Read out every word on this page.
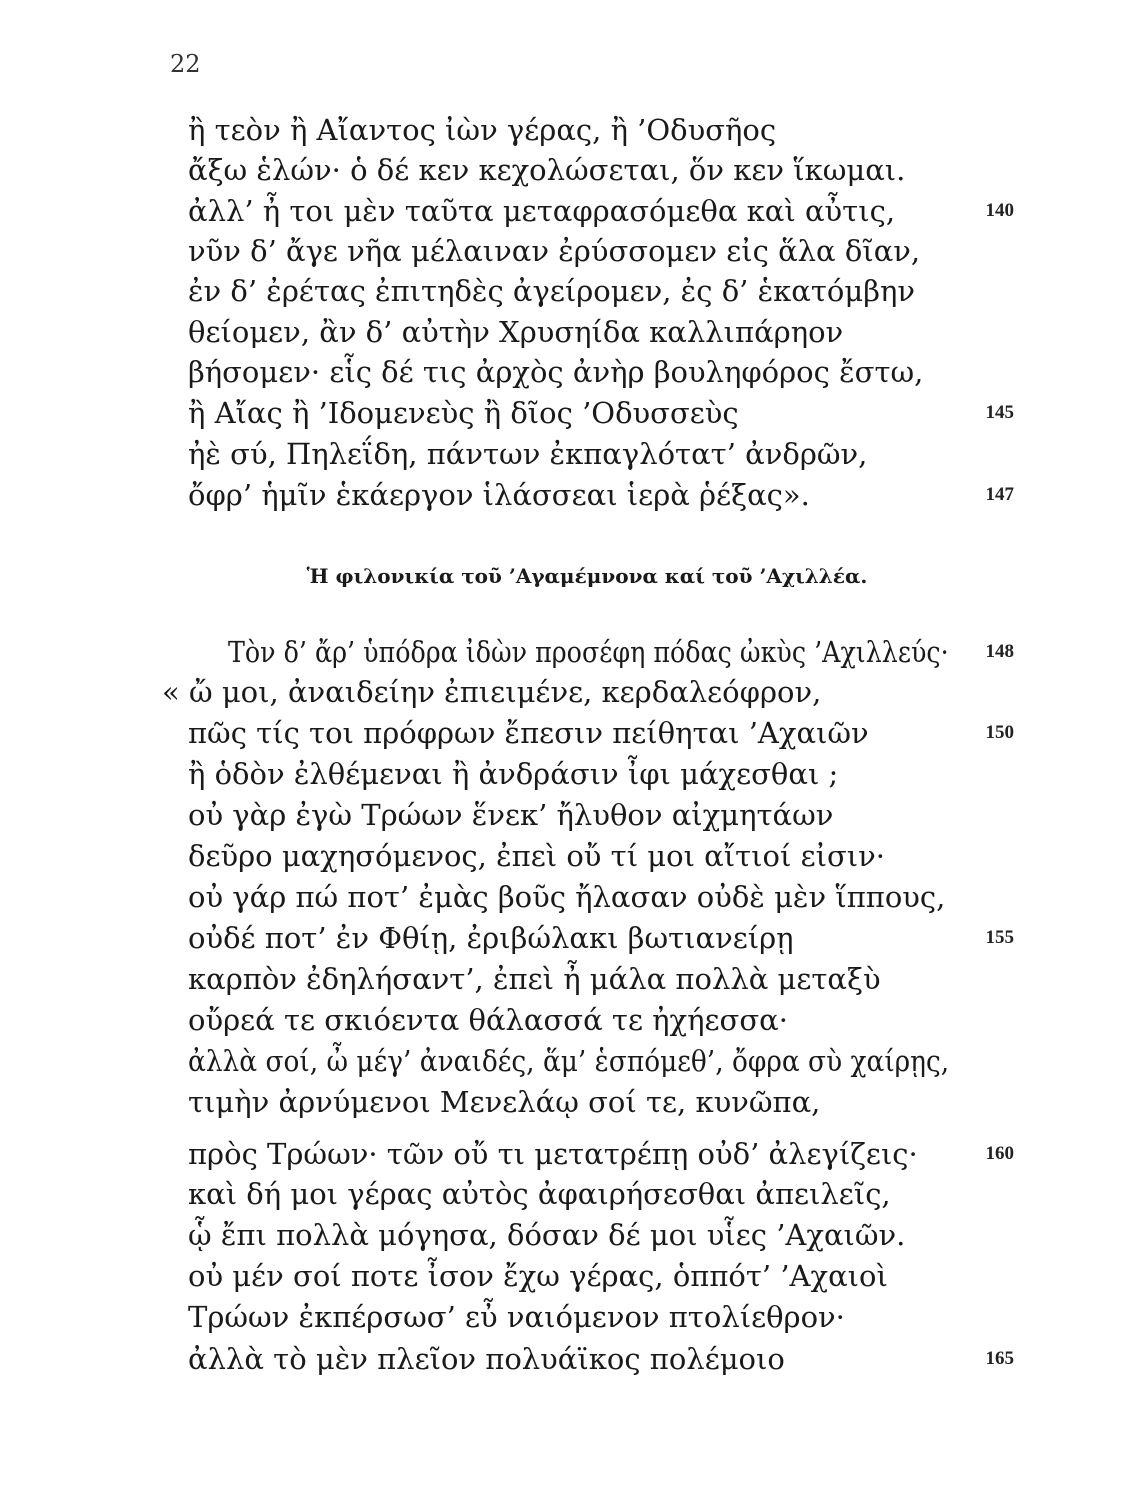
22
ἢ τεὸν ἢ Αἴαντος ἰὼν γέρας, ἢ ’Οδυσῆος
ἄξω ἑλών· ὁ δέ κεν κεχολώσεται, ὅν κεν ἵκωμαι.
ἀλλ’ ἦ τοι μὲν ταῦτα μεταφρασόμεθα καὶ αὖτις,	140
νῦν δ’ ἄγε νῆα μέλαιναν ἐρύσσομεν εἰς ἅλα δῖαν,
ἐν δ’ ἐρέτας ἐπιτηδὲς ἀγείρομεν, ἐς δ’ ἑκατόμβην
θείομεν, ἂν δ’ αὐτὴν Χρυσηίδα καλλιπάρηον
βήσομεν· εἷς δέ τις ἀρχὸς ἀνὴρ βουληφόρος ἔστω,
ἢ Αἴας ἢ ’Ιδομενεὺς ἢ δῖος ’Οδυσσεὺς	145
ἠὲ σύ, Πηλεΐδη, πάντων ἐκπαγλότατ’ ἀνδρῶν,
ὄφρ’ ἡμῖν ἑκάεργον ἱλάσσεαι ἱερὰ ῥέξας».	147
Ἡ φιλονικία τοῦ ’Αγαμέμνονα καί τοῦ ’Αχιλλέα.
Τὸν δ’ ἄρ’ ὑπόδρα ἰδὼν προσέφη πόδας ὠκὺς ’Αχιλλεύς·	148
« ὤ μοι, ἀναιδείην ἐπιειμένε, κερδαλεόφρον,
πῶς τίς τοι πρόφρων ἔπεσιν πείθηται ’Αχαιῶν	150
ἢ ὁδὸν ἐλθέμεναι ἢ ἀνδράσιν ἶφι μάχεσθαι ;
οὐ γὰρ ἐγὼ Τρώων ἕνεκ’ ἤλυθον αἰχμητάων
δεῦρο μαχησόμενος, ἐπεὶ οὔ τί μοι αἴτιοί εἰσιν·
οὐ γάρ πώ ποτ’ ἐμὰς βοῦς ἤλασαν οὐδὲ μὲν ἵππους,
οὐδέ ποτ’ ἐν Φθίῃ, ἐριβώλακι βωτιανείρῃ	155
καρπὸν ἐδηλήσαντ’, ἐπεὶ ἦ μάλα πολλὰ μεταξὺ
οὔρεά τε σκιόεντα θάλασσά τε ἠχήεσσα·
ἀλλὰ σοί, ὦ μέγ’ ἀναιδές, ἅμ’ ἑσπόμεθ’, ὄφρα σὺ χαίρῃς,
τιμὴν ἀρνύμενοι Μενελάῳ σοί τε, κυνῶπα,
πρὸς Τρώων· τῶν οὔ τι μετατρέπῃ οὐδ’ ἀλεγίζεις·	160
καὶ δή μοι γέρας αὐτὸς ἀφαιρήσεσθαι ἀπειλεῖς,
ᾧ ἔπι πολλὰ μόγησα, δόσαν δέ μοι υἷες ’Αχαιῶν.
οὐ μέν σοί ποτε ἶσον ἔχω γέρας, ὁππότ’ ’Αχαιοὶ
Τρώων ἐκπέρσωσ’ εὖ ναιόμενον πτολίεθρον·
ἀλλὰ τὸ μὲν πλεῖον πολυάϊκος πολέμοιο	165
